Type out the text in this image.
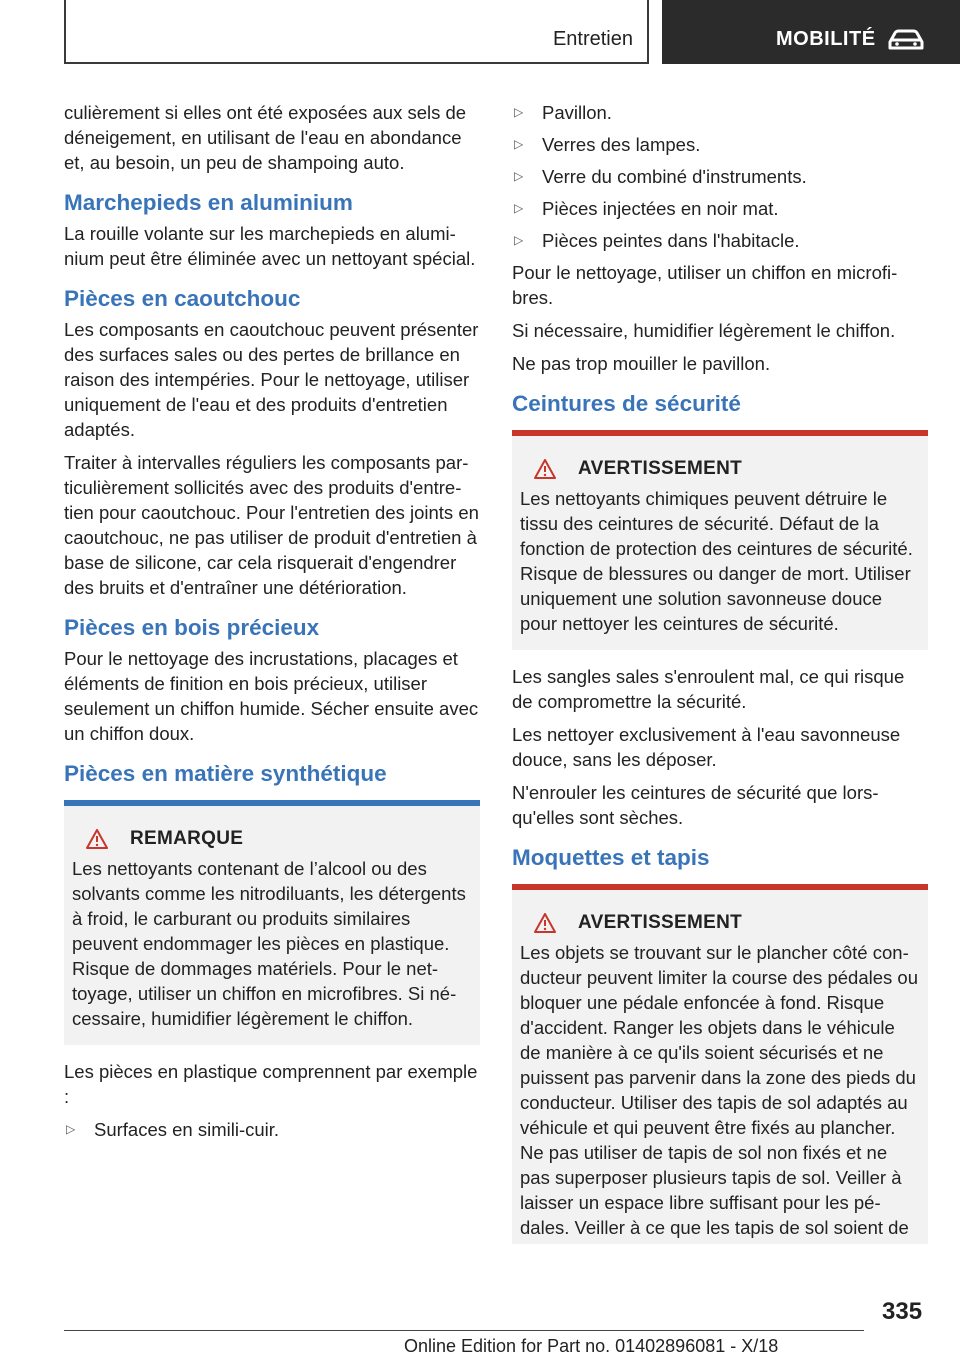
Entretien	MOBILITÉ

culièrement si elles ont été exposées aux sels de déneigement, en utilisant de l'eau en abondance et, au besoin, un peu de shampoing auto.

Marchepieds en aluminium

La rouille volante sur les marchepieds en aluminium peut être éliminée avec un nettoyant spécial.

Pièces en caoutchouc

Les composants en caoutchouc peuvent présenter des surfaces sales ou des pertes de brillance en raison des intempéries. Pour le nettoyage, utiliser uniquement de l'eau et des produits d'entretien adaptés.

Traiter à intervalles réguliers les composants particulièrement sollicités avec des produits d'entretien pour caoutchouc. Pour l'entretien des joints en caoutchouc, ne pas utiliser de produit d'entretien à base de silicone, car cela risquerait d'engendrer des bruits et d'entraîner une détérioration.

Pièces en bois précieux

Pour le nettoyage des incrustations, placages et éléments de finition en bois précieux, utiliser seulement un chiffon humide. Sécher ensuite avec un chiffon doux.

Pièces en matière synthétique
REMARQUE

Les nettoyants contenant de l’alcool ou des solvants comme les nitrodiluants, les détergents à froid, le carburant ou produits similaires peuvent endommager les pièces en plastique. Risque de dommages matériels. Pour le nettoyage, utiliser un chiffon en microfibres. Si nécessaire, humidifier légèrement le chiffon.

Les pièces en plastique comprennent par exemple :

▷ Surfaces en simili-cuir.
▷ Pavillon.
▷ Verres des lampes.
▷ Verre du combiné d'instruments.
▷ Pièces injectées en noir mat.
▷ Pièces peintes dans l'habitacle.

Pour le nettoyage, utiliser un chiffon en microfibres.

Si nécessaire, humidifier légèrement le chiffon.

Ne pas trop mouiller le pavillon.

Ceintures de sécurité
AVERTISSEMENT

Les nettoyants chimiques peuvent détruire le tissu des ceintures de sécurité. Défaut de la fonction de protection des ceintures de sécurité. Risque de blessures ou danger de mort. Utiliser uniquement une solution savonneuse douce pour nettoyer les ceintures de sécurité.

Les sangles sales s'enroulent mal, ce qui risque de compromettre la sécurité.

Les nettoyer exclusivement à l'eau savonneuse douce, sans les déposer.

N'enrouler les ceintures de sécurité que lorsqu'elles sont sèches.

Moquettes et tapis
AVERTISSEMENT

Les objets se trouvant sur le plancher côté conducteur peuvent limiter la course des pédales ou bloquer une pédale enfoncée à fond. Risque d'accident. Ranger les objets dans le véhicule de manière à ce qu'ils soient sécurisés et ne puissent pas parvenir dans la zone des pieds du conducteur. Utiliser des tapis de sol adaptés au véhicule et qui peuvent être fixés au plancher. Ne pas utiliser de tapis de sol non fixés et ne pas superposer plusieurs tapis de sol. Veiller à laisser un espace libre suffisant pour les pédales. Veiller à ce que les tapis de sol soient de

335
Online Edition for Part no. 01402896081 - X/18
